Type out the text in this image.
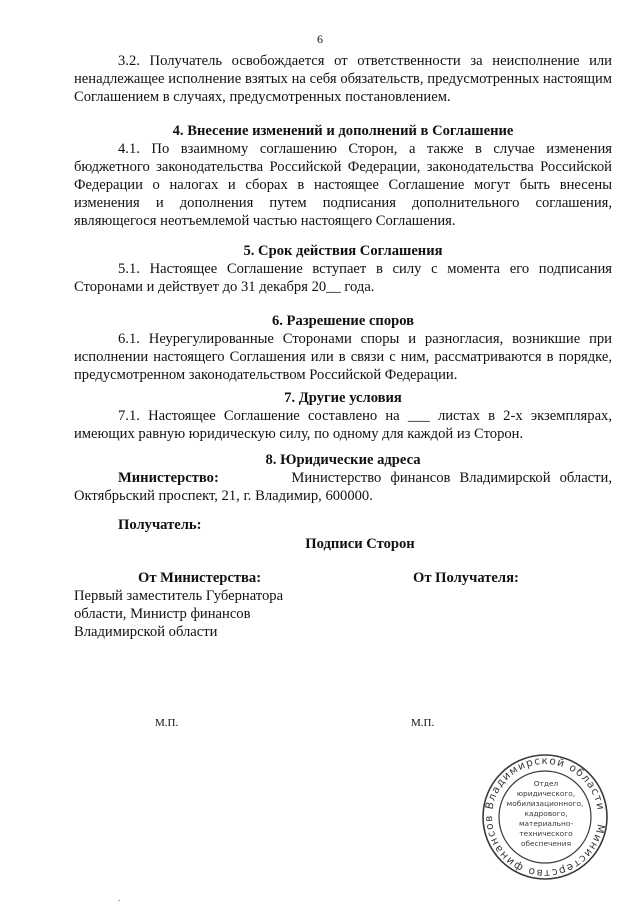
6
3.2. Получатель освобождается от ответственности за неисполнение или ненадлежащее исполнение взятых на себя обязательств, предусмотренных настоящим Соглашением в случаях, предусмотренных постановлением.
4. Внесение изменений и дополнений в Соглашение
4.1. По взаимному соглашению Сторон, а также в случае изменения бюджетного законодательства Российской Федерации, законодательства Российской Федерации о налогах и сборах в настоящее Соглашение могут быть внесены изменения и дополнения путем подписания дополнительного соглашения, являющегося неотъемлемой частью настоящего Соглашения.
5. Срок действия Соглашения
5.1. Настоящее Соглашение вступает в силу с момента его подписания Сторонами и действует до 31 декабря 20__ года.
6. Разрешение споров
6.1. Неурегулированные Сторонами споры и разногласия, возникшие при исполнении настоящего Соглашения или в связи с ним, рассматриваются в порядке, предусмотренном законодательством Российской Федерации.
7. Другие условия
7.1. Настоящее Соглашение составлено на ___ листах в 2-х экземплярах, имеющих равную юридическую силу, по одному для каждой из Сторон.
8. Юридические адреса
Министерство:	Министерство финансов Владимирской области, Октябрьский проспект, 21, г. Владимир, 600000.
Получатель:
Подписи Сторон
От Министерства:	От Получателя:
Первый заместитель Губернатора
области, Министр финансов
Владимирской области
М.П.	М.П.
Министерство финансов Владимирской области
Отдел
юридического,
мобилизационного,
кадрового,
материально-
технического
обеспечения
.
